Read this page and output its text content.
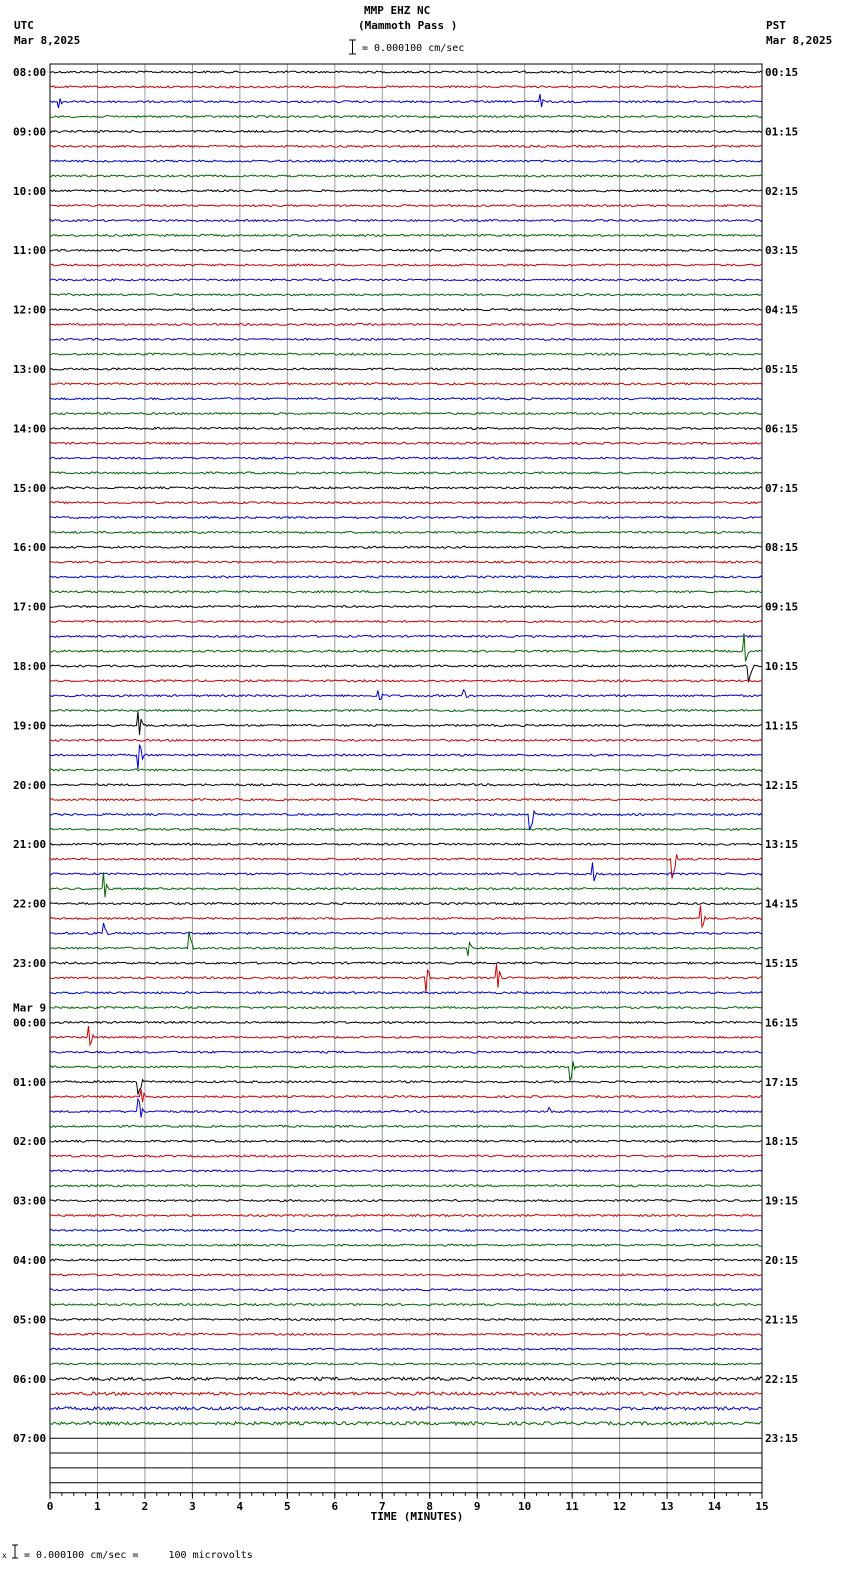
MMP EHZ NC
(Mammoth Pass )
UTC
Mar 8,2025
PST
Mar 8,2025
= 0.000100 cm/sec
08:00
09:00
10:00
11:00
12:00
13:00
14:00
15:00
16:00
17:00
18:00
19:00
20:00
21:00
22:00
23:00
Mar 9
00:00
01:00
02:00
03:00
04:00
05:00
06:00
07:00
00:15
01:15
02:15
03:15
04:15
05:15
06:15
07:15
08:15
09:15
10:15
11:15
12:15
13:15
14:15
15:15
16:15
17:15
18:15
19:15
20:15
21:15
22:15
23:15
0	1	2	3	4	5	6	7	8	9	10	11	12	13	14	15
TIME (MINUTES)
x = 0.000100 cm/sec =     100 microvolts
